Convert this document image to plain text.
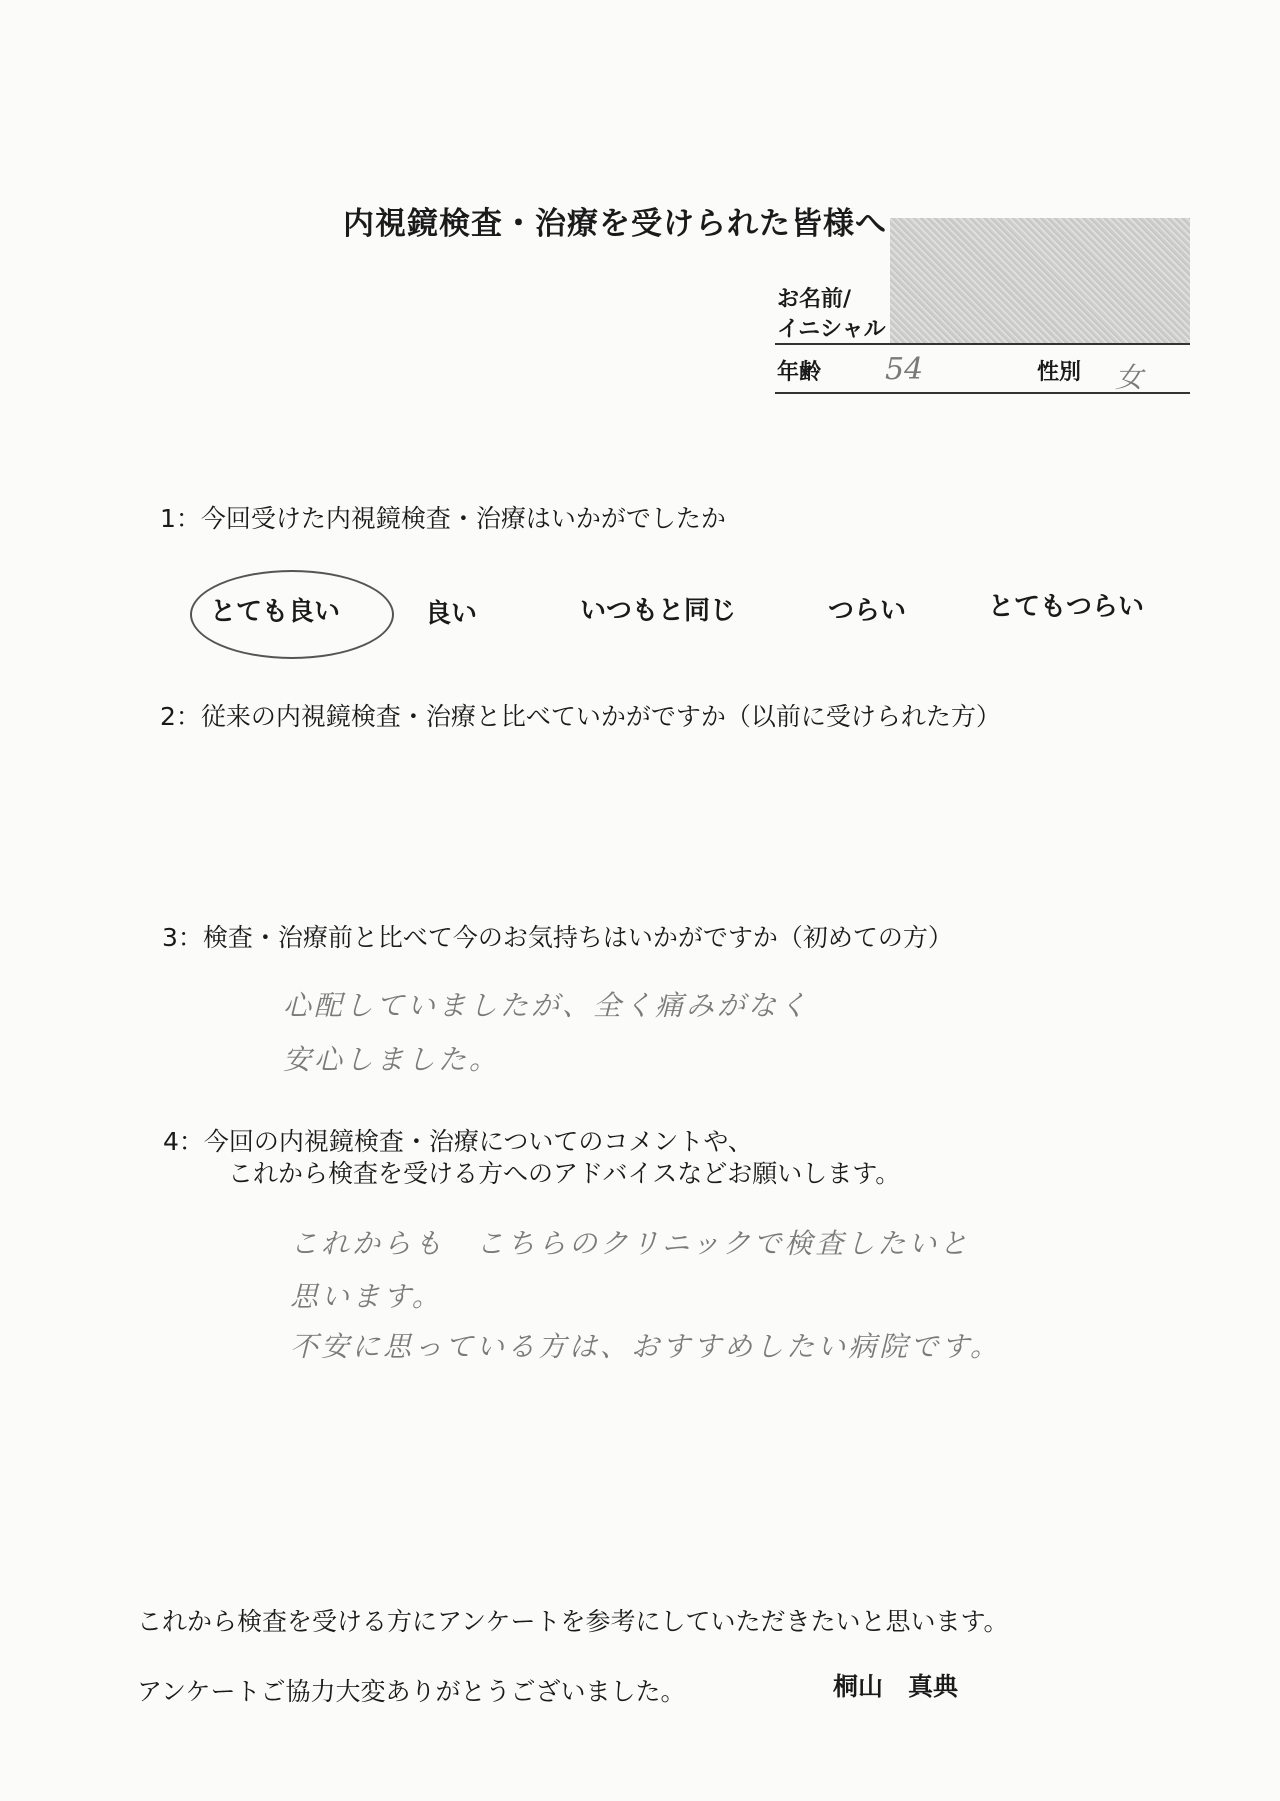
内視鏡検査・治療を受けられた皆様へ
お名前/
イニシャル
年齢 54	性別 女
1：今回受けた内視鏡検査・治療はいかがでしたか
とても良い	良い	いつもと同じ	つらい	とてもつらい
2：従来の内視鏡検査・治療と比べていかがですか（以前に受けられた方）
3：検査・治療前と比べて今のお気持ちはいかがですか（初めての方）
心配していましたが、全く痛みがなく
安心しました。
4：今回の内視鏡検査・治療についてのコメントや、
これから検査を受ける方へのアドバイスなどお願いします。
これからも　こちらのクリニックで検査したいと
思います。
不安に思っている方は、おすすめしたい病院です。
これから検査を受ける方にアンケートを参考にしていただきたいと思います。
アンケートご協力大変ありがとうございました。	桐山　真典
